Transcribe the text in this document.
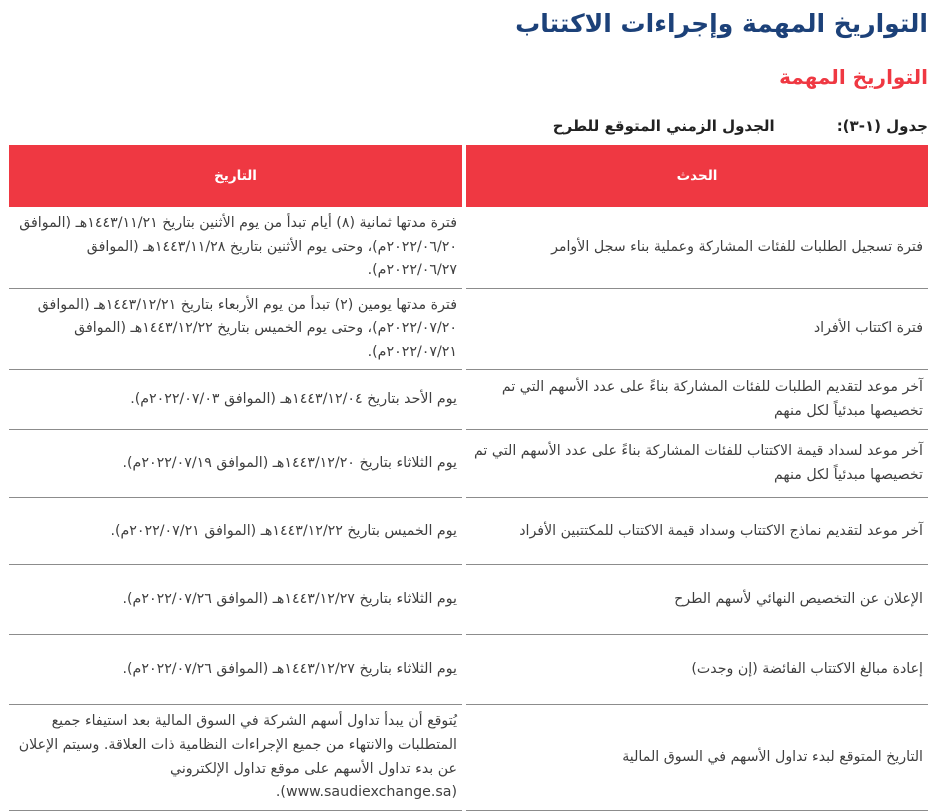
التواريخ المهمة وإجراءات الاكتتاب
التواريخ المهمة
جدول (١-٣):
الجدول الزمني المتوقع للطرح
الحدث
التاريخ
فترة تسجيل الطلبات للفئات المشاركة وعملية بناء سجل الأوامر
فترة مدتها ثمانية (٨) أيام تبدأ من يوم الأثنين بتاريخ ١٤٤٣/١١/٢١هـ (الموافق ٢٠٢٢/٠٦/٢٠م)، وحتى يوم الأثنين بتاريخ ١٤٤٣/١١/٢٨هـ (الموافق ٢٠٢٢/٠٦/٢٧م).
فترة اكتتاب الأفراد
فترة مدتها يومين (٢) تبدأ من يوم الأربعاء بتاريخ ١٤٤٣/١٢/٢١هـ (الموافق ٢٠٢٢/٠٧/٢٠م)، وحتى يوم الخميس بتاريخ ١٤٤٣/١٢/٢٢هـ (الموافق ٢٠٢٢/٠٧/٢١م).
آخر موعد لتقديم الطلبات للفئات المشاركة بناءً على عدد الأسهم التي تم تخصيصها مبدئياً لكل منهم
يوم الأحد بتاريخ ١٤٤٣/١٢/٠٤هـ (الموافق ٢٠٢٢/٠٧/٠٣م).
آخر موعد لسداد قيمة الاكتتاب للفئات المشاركة بناءً على عدد الأسهم التي تم تخصيصها مبدئياً لكل منهم
يوم الثلاثاء بتاريخ ١٤٤٣/١٢/٢٠هـ (الموافق ٢٠٢٢/٠٧/١٩م).
آخر موعد لتقديم نماذج الاكتتاب وسداد قيمة الاكتتاب للمكتتبين الأفراد
يوم الخميس بتاريخ ١٤٤٣/١٢/٢٢هـ (الموافق ٢٠٢٢/٠٧/٢١م).
الإعلان عن التخصيص النهائي لأسهم الطرح
يوم الثلاثاء بتاريخ ١٤٤٣/١٢/٢٧هـ (الموافق ٢٠٢٢/٠٧/٢٦م).
إعادة مبالغ الاكتتاب الفائضة (إن وجدت)
يوم الثلاثاء بتاريخ ١٤٤٣/١٢/٢٧هـ (الموافق ٢٠٢٢/٠٧/٢٦م).
التاريخ المتوقع لبدء تداول الأسهم في السوق المالية
يُتوقع أن يبدأ تداول أسهم الشركة في السوق المالية بعد استيفاء جميع المتطلبات والانتهاء من جميع الإجراءات النظامية ذات العلاقة. وسيتم الإعلان عن بدء تداول الأسهم على موقع تداول الإلكتروني (www.saudiexchange.sa).
